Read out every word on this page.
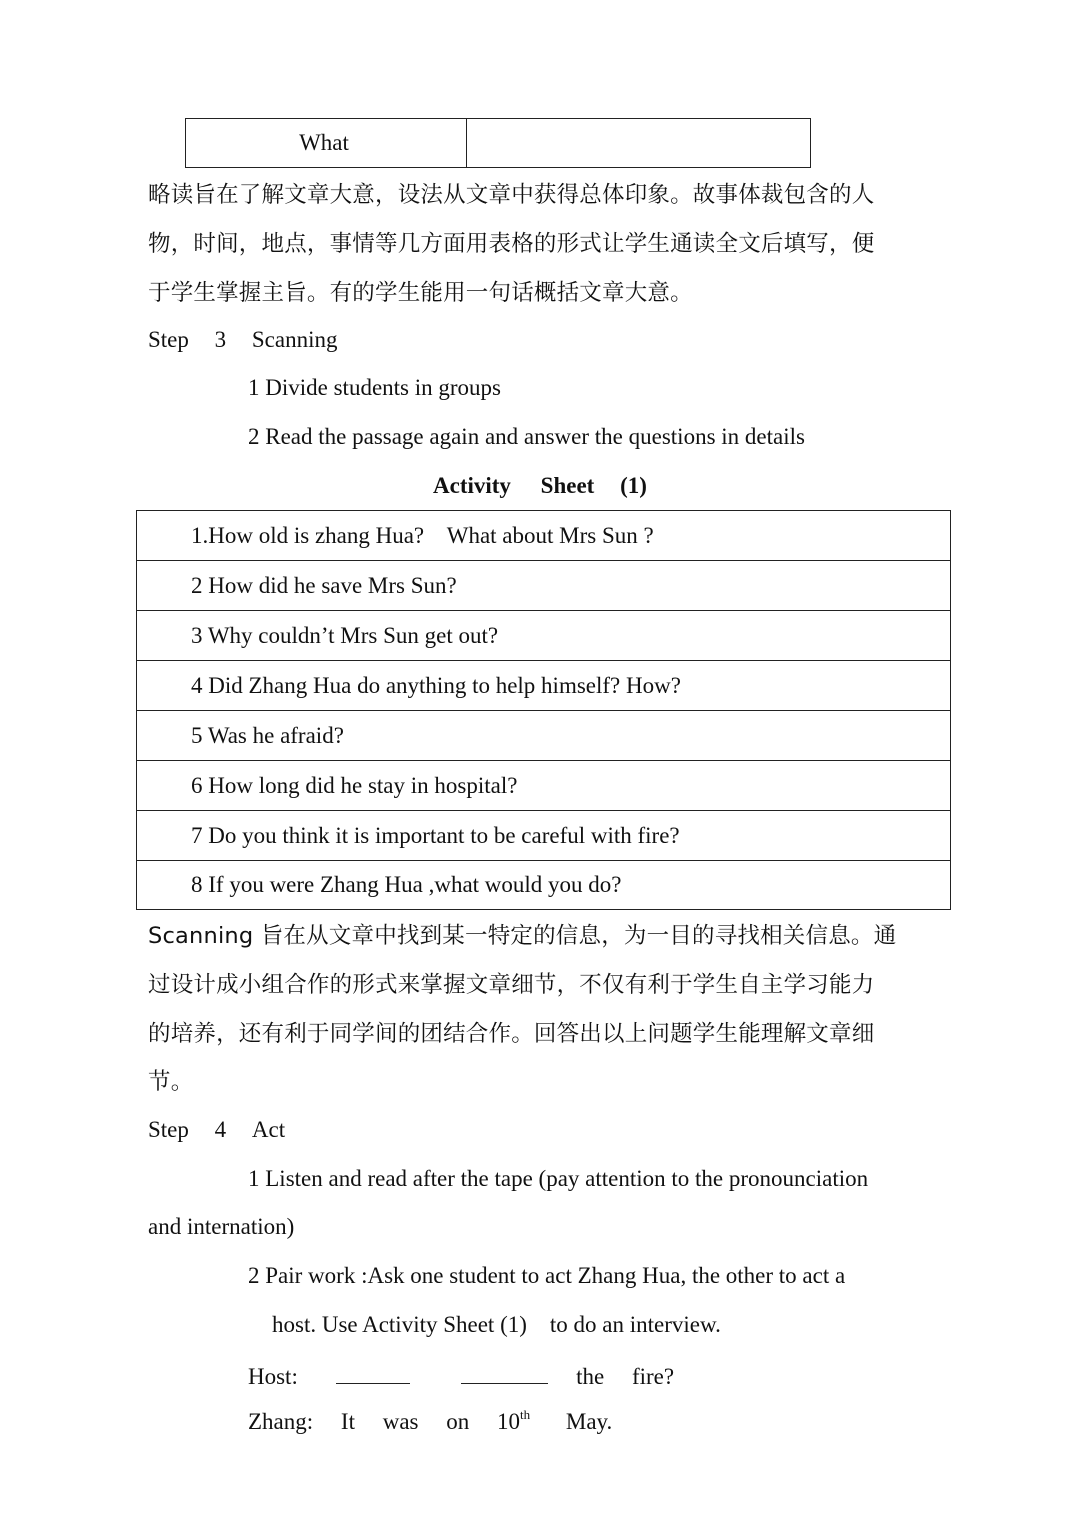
What	
略读旨在了解文章大意，设法从文章中获得总体印象。故事体裁包含的人
物，时间，地点，事情等几方面用表格的形式让学生通读全文后填写，便
于学生掌握主旨。有的学生能用一句话概括文章大意。
Step 3 Scanning
1 Divide students in groups
2 Read the passage again and answer the questions in details
Activity Sheet (1)
1.How old is zhang Hua?    What about Mrs Sun ?
2 How did he save Mrs Sun?
3 Why couldn’t Mrs Sun get out?
4 Did Zhang Hua do anything to help himself? How?
5 Was he afraid?
6 How long did he stay in hospital?
7 Do you think it is important to be careful with fire?
8 If you were Zhang Hua ,what would you do?
Scanning 旨在从文章中找到某一特定的信息，为一目的寻找相关信息。通
过设计成小组合作的形式来掌握文章细节，不仅有利于学生自主学习能力
的培养，还有利于同学间的团结合作。回答出以上问题学生能理解文章细
节。
Step 4 Act
1 Listen and read after the tape (pay attention to the pronounciation
and internation)
2 Pair work :Ask one student to act Zhang Hua, the other to act a
host. Use Activity Sheet (1)    to do an interview.
Host:	the fire?
Zhang: It was on 10th May.
